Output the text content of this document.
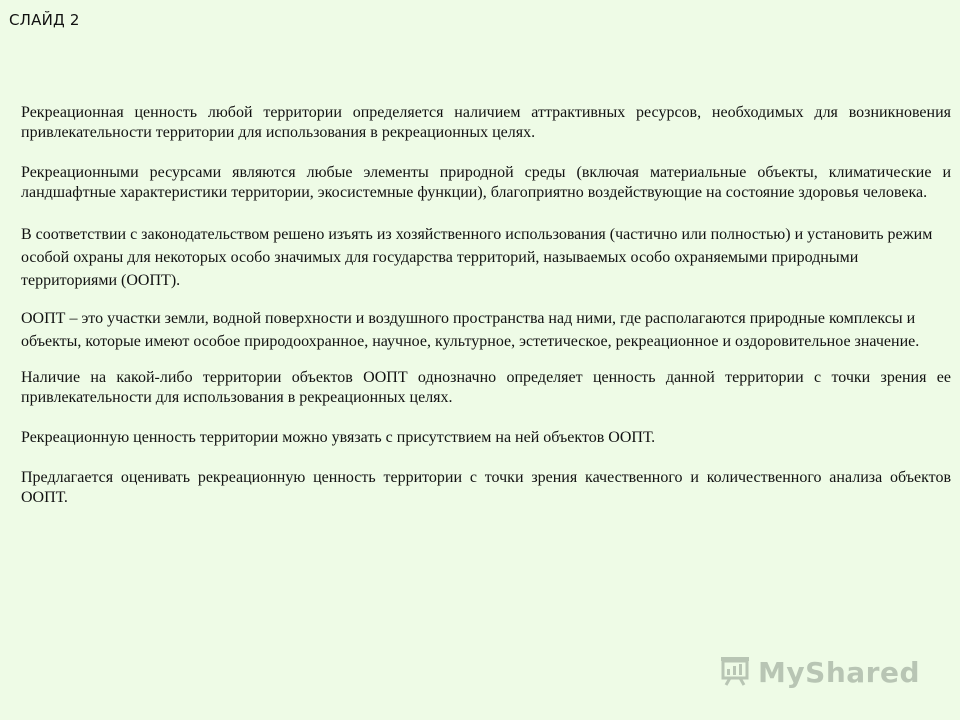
СЛАЙД 2

Рекреационная ценность любой территории определяется наличием аттрактивных ресурсов, необходимых для возникновения привлекательности территории для использования в рекреационных целях.

Рекреационными ресурсами являются любые элементы природной среды (включая материальные объекты, климатические и ландшафтные характеристики территории, экосистемные функции), благоприятно воздействующие на состояние здоровья человека.

В соответствии с законодательством решено изъять из хозяйственного использования (частично или полностью) и установить режим особой охраны для некоторых особо значимых для государства территорий, называемых особо охраняемыми природными территориями (ООПТ).

ООПТ – это участки земли, водной поверхности и воздушного пространства над ними, где располагаются природные комплексы и объекты, которые имеют особое природоохранное, научное, культурное, эстетическое, рекреационное и оздоровительное значение.

Наличие на какой-либо территории объектов ООПТ однозначно определяет ценность данной территории с точки зрения ее привлекательности для использования в рекреационных целях.

Рекреационную ценность территории можно увязать с присутствием на ней объектов ООПТ.

Предлагается оценивать рекреационную ценность территории с точки зрения качественного и количественного анализа объектов ООПТ.

MyShared
